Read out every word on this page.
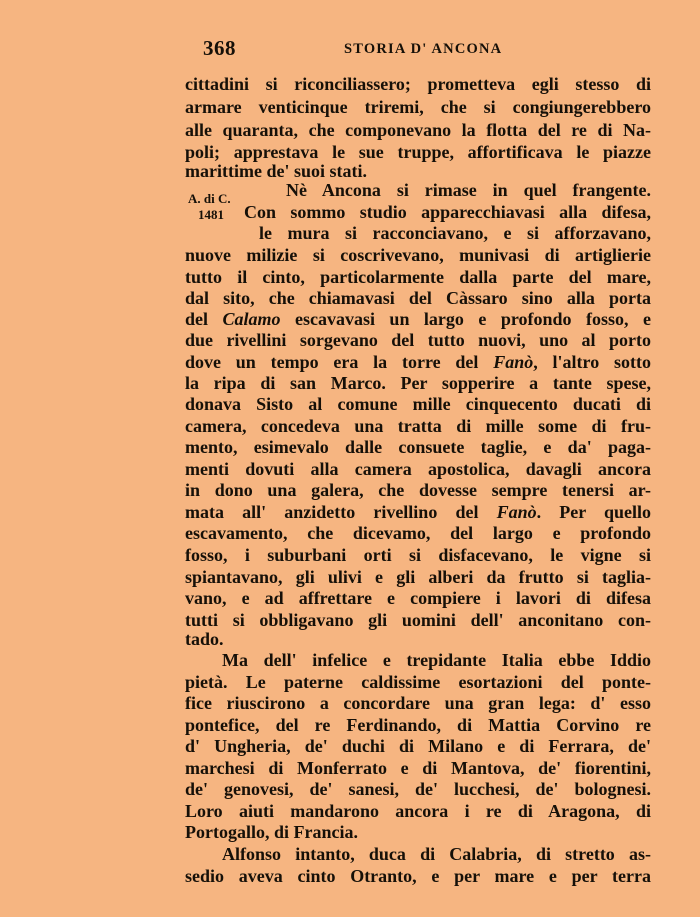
368	STORIA D' ANCONA
A. di C.
1481
cittadini si riconciliassero; prometteva egli stesso di
armare venticinque triremi, che si congiungerebbero
alle quaranta, che componevano la flotta del re di Na-
poli; apprestava le sue truppe, affortificava le piazze
marittime de' suoi stati.
Nè Ancona si rimase in quel frangente.
Con sommo studio apparecchiavasi alla difesa,
le mura si racconciavano, e si afforzavano,
nuove milizie si coscrivevano, munivasi di artiglierie
tutto il cinto, particolarmente dalla parte del mare,
dal sito, che chiamavasi del Càssaro sino alla porta
del Calamo escavavasi un largo e profondo fosso, e
due rivellini sorgevano del tutto nuovi, uno al porto
dove un tempo era la torre del Fanò, l'altro sotto
la ripa di san Marco. Per sopperire a tante spese,
donava Sisto al comune mille cinquecento ducati di
camera, concedeva una tratta di mille some di fru-
mento, esimevalo dalle consuete taglie, e da' paga-
menti dovuti alla camera apostolica, davagli ancora
in dono una galera, che dovesse sempre tenersi ar-
mata all' anzidetto rivellino del Fanò. Per quello
escavamento, che dicevamo, del largo e profondo
fosso, i suburbani orti si disfacevano, le vigne si
spiantavano, gli ulivi e gli alberi da frutto si taglia-
vano, e ad affrettare e compiere i lavori di difesa
tutti si obbligavano gli uomini dell' anconitano con-
tado.
Ma dell' infelice e trepidante Italia ebbe Iddio
pietà. Le paterne caldissime esortazioni del ponte-
fice riuscirono a concordare una gran lega: d' esso
pontefice, del re Ferdinando, di Mattia Corvino re
d' Ungheria, de' duchi di Milano e di Ferrara, de'
marchesi di Monferrato e di Mantova, de' fiorentini,
de' genovesi, de' sanesi, de' lucchesi, de' bolognesi.
Loro aiuti mandarono ancora i re di Aragona, di
Portogallo, di Francia.
Alfonso intanto, duca di Calabria, di stretto as-
sedio aveva cinto Otranto, e per mare e per terra
